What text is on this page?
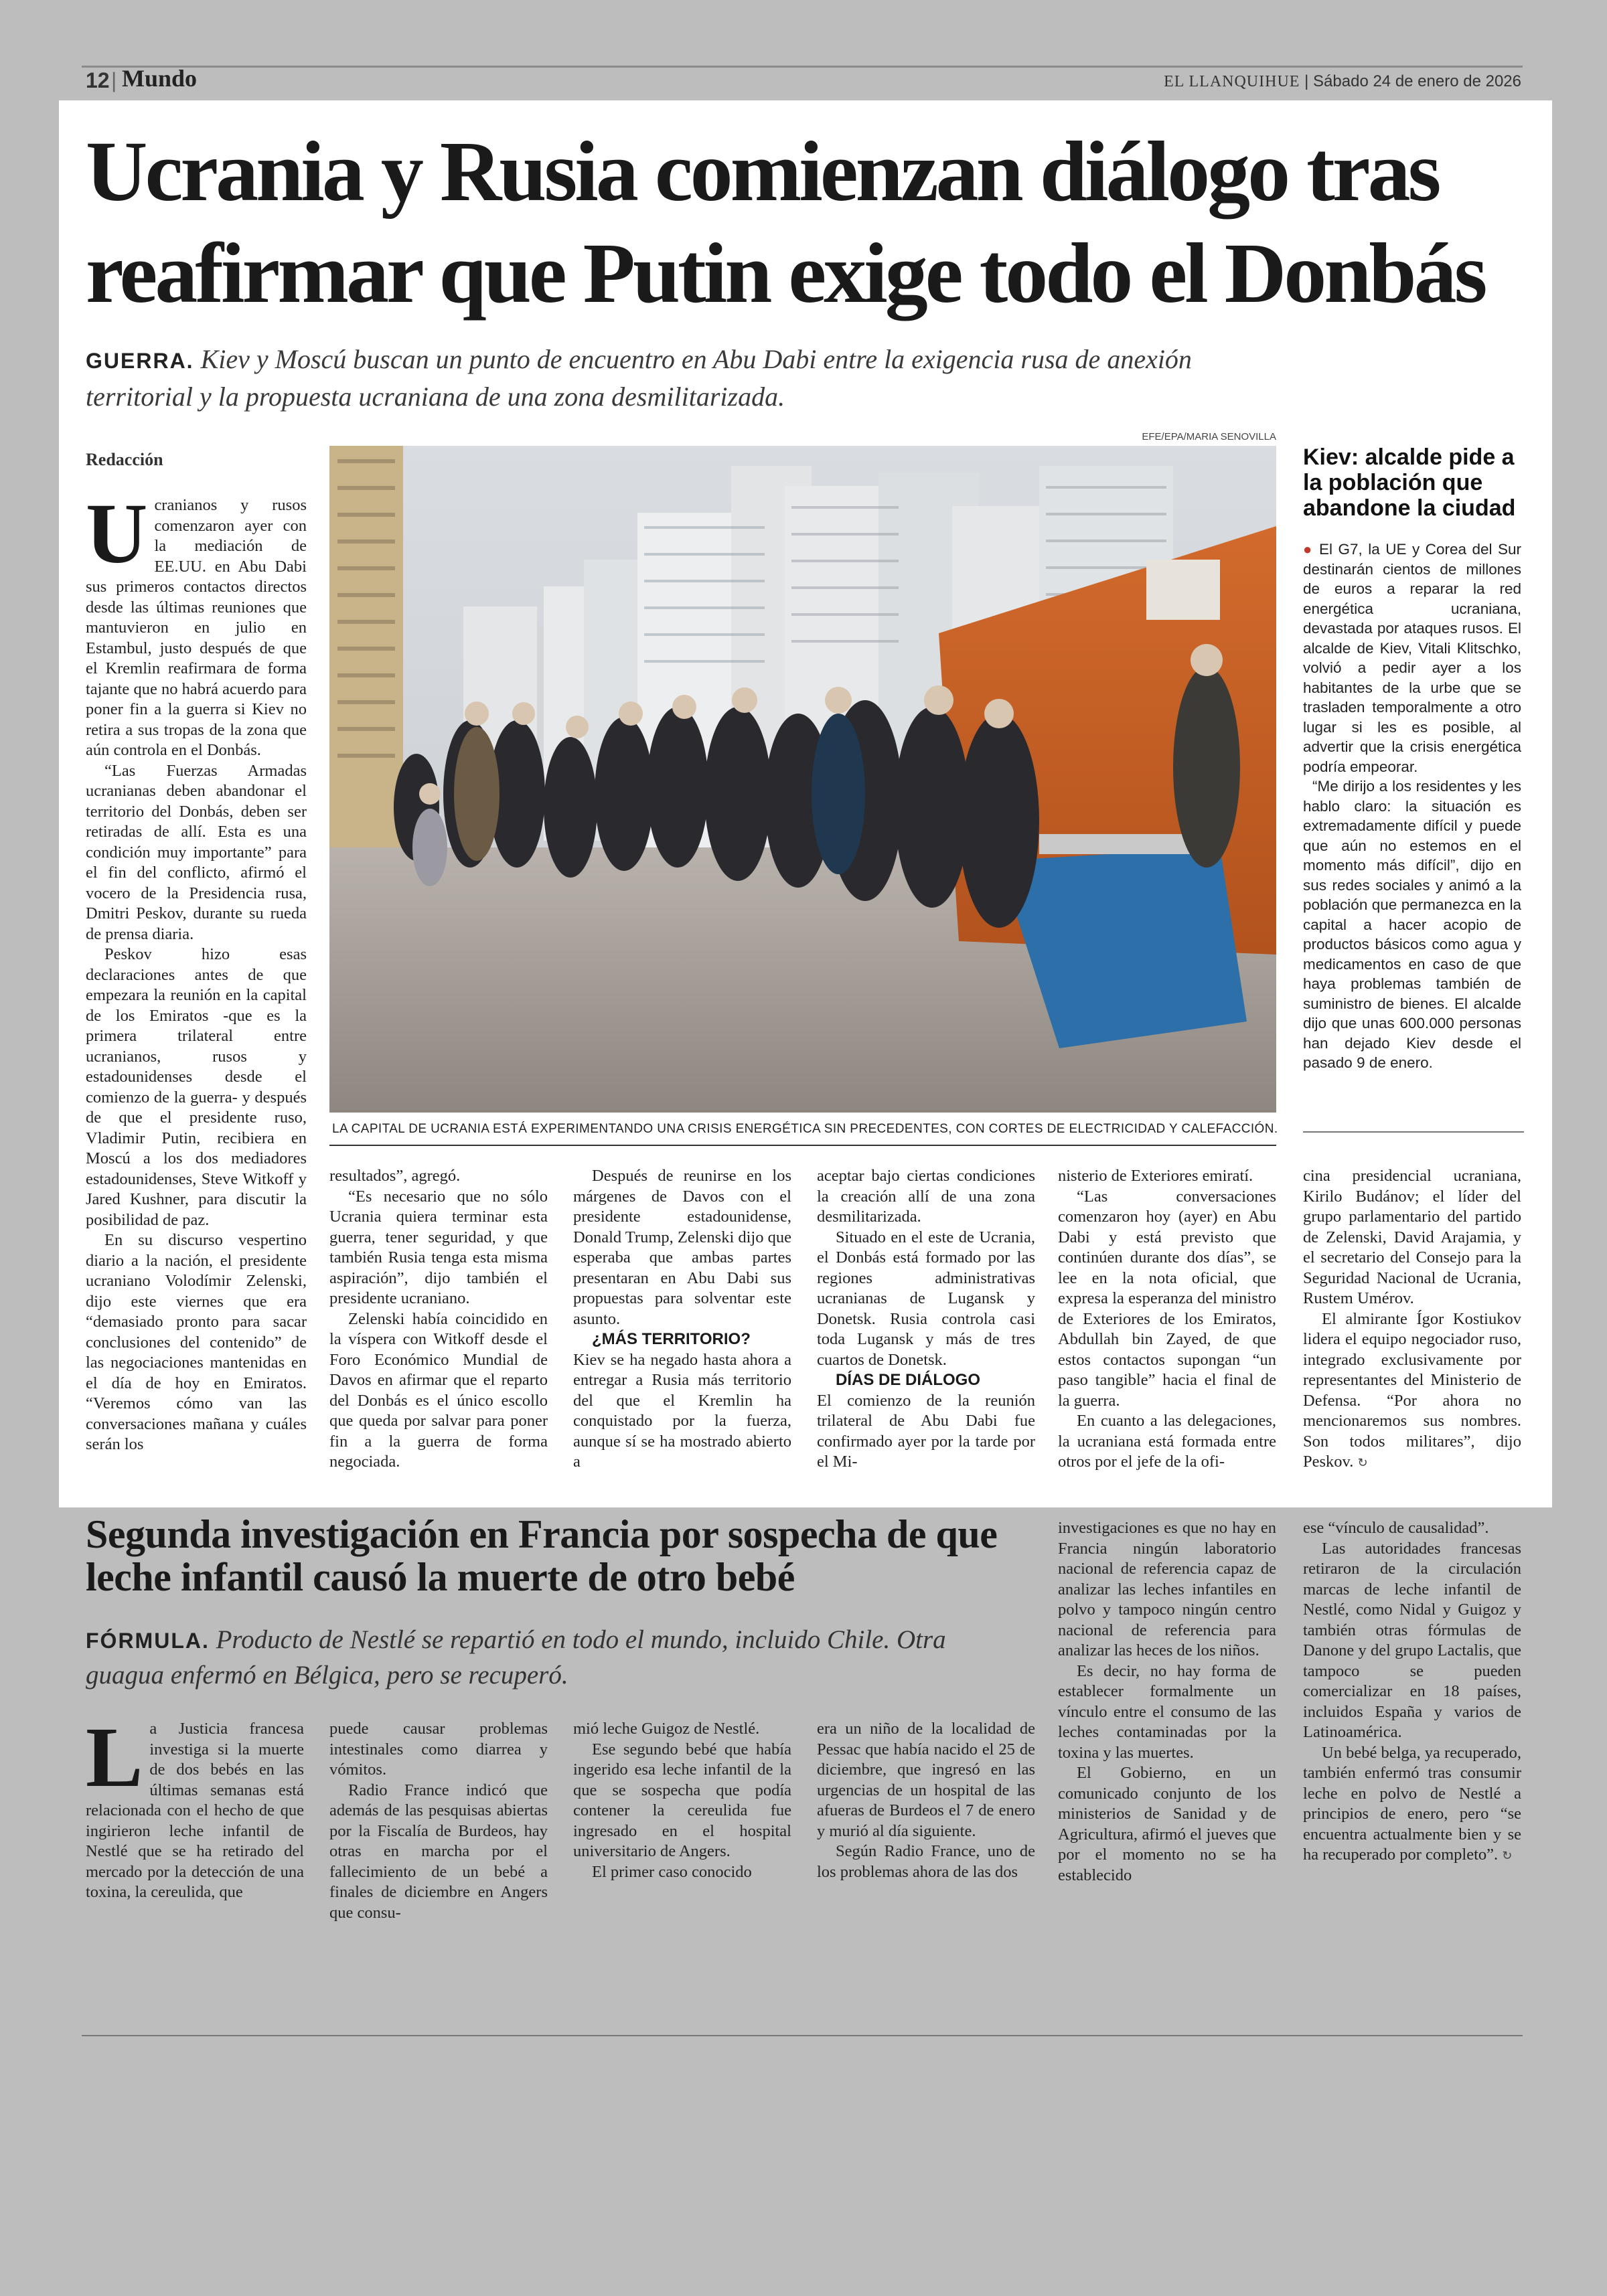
12 | Mundo	EL LLANQUIHUE | Sábado 24 de enero de 2026
Ucrania y Rusia comienzan diálogo tras reafirmar que Putin exige todo el Donbás
GUERRA. Kiev y Moscú buscan un punto de encuentro en Abu Dabi entre la exigencia rusa de anexión territorial y la propuesta ucraniana de una zona desmilitarizada.
Redacción

Ucranianos y rusos comenzaron ayer con la mediación de EE.UU. en Abu Dabi sus primeros contactos directos desde las últimas reuniones que mantuvieron en julio en Estambul, justo después de que el Kremlin reafirmara de forma tajante que no habrá acuerdo para poner fin a la guerra si Kiev no retira a sus tropas de la zona que aún controla en el Donbás.

“Las Fuerzas Armadas ucranianas deben abandonar el territorio del Donbás, deben ser retiradas de allí. Esta es una condición muy importante” para el fin del conflicto, afirmó el vocero de la Presidencia rusa, Dmitri Peskov, durante su rueda de prensa diaria.

Peskov hizo esas declaraciones antes de que empezara la reunión en la capital de los Emiratos -que es la primera trilateral entre ucranianos, rusos y estadounidenses desde el comienzo de la guerra- y después de que el presidente ruso, Vladimir Putin, recibiera en Moscú a los dos mediadores estadounidenses, Steve Witkoff y Jared Kushner, para discutir la posibilidad de paz.

En su discurso vespertino diario a la nación, el presidente ucraniano Volodímir Zelenski, dijo este viernes que era “demasiado pronto para sacar conclusiones del contenido” de las negociaciones mantenidas en el día de hoy en Emiratos. “Veremos cómo van las conversaciones mañana y cuáles serán los

EFE/EPA/MARIA SENOVILLA
LA CAPITAL DE UCRANIA ESTÁ EXPERIMENTANDO UNA CRISIS ENERGÉTICA SIN PRECEDENTES, CON CORTES DE ELECTRICIDAD Y CALEFACCIÓN.

resultados”, agregó.

“Es necesario que no sólo Ucrania quiera terminar esta guerra, tener seguridad, y que también Rusia tenga esta misma aspiración”, dijo también el presidente ucraniano.

Zelenski había coincidido en la víspera con Witkoff desde el Foro Económico Mundial de Davos en afirmar que el reparto del Donbás es el único escollo que queda por salvar para poner fin a la guerra de forma negociada.

Después de reunirse en los márgenes de Davos con el presidente estadounidense, Donald Trump, Zelenski dijo que esperaba que ambas partes presentaran en Abu Dabi sus propuestas para solventar este asunto.

¿MÁS TERRITORIO?

Kiev se ha negado hasta ahora a entregar a Rusia más territorio del que el Kremlin ha conquistado por la fuerza, aunque sí se ha mostrado abierto a

aceptar bajo ciertas condiciones la creación allí de una zona desmilitarizada.

Situado en el este de Ucrania, el Donbás está formado por las regiones administrativas ucranianas de Lugansk y Donetsk. Rusia controla casi toda Lugansk y más de tres cuartos de Donetsk.

DÍAS DE DIÁLOGO

El comienzo de la reunión trilateral de Abu Dabi fue confirmado ayer por la tarde por el Mi-

nisterio de Exteriores emiratí.

“Las conversaciones comenzaron hoy (ayer) en Abu Dabi y está previsto que continúen durante dos días”, se lee en la nota oficial, que expresa la esperanza del ministro de Exteriores de los Emiratos, Abdullah bin Zayed, de que estos contactos supongan “un paso tangible” hacia el final de la guerra.

En cuanto a las delegaciones, la ucraniana está formada entre otros por el jefe de la ofi-

cina presidencial ucraniana, Kirilo Budánov; el líder del grupo parlamentario del partido de Zelenski, David Arajamia, y el secretario del Consejo para la Seguridad Nacional de Ucrania, Rustem Umérov.

El almirante Ígor Kostiukov lidera el equipo negociador ruso, integrado exclusivamente por representantes del Ministerio de Defensa. “Por ahora no mencionaremos sus nombres. Son todos militares”, dijo Peskov. ↻

Kiev: alcalde pide a la población que abandone la ciudad

● El G7, la UE y Corea del Sur destinarán cientos de millones de euros a reparar la red energética ucraniana, devastada por ataques rusos. El alcalde de Kiev, Vitali Klitschko, volvió a pedir ayer a los habitantes de la urbe que se trasladen temporalmente a otro lugar si les es posible, al advertir que la crisis energética podría empeorar.

“Me dirijo a los residentes y les hablo claro: la situación es extremadamente difícil y puede que aún no estemos en el momento más difícil”, dijo en sus redes sociales y animó a la población que permanezca en la capital a hacer acopio de productos básicos como agua y medicamentos en caso de que haya problemas también de suministro de bienes. El alcalde dijo que unas 600.000 personas han dejado Kiev desde el pasado 9 de enero.

Segunda investigación en Francia por sospecha de que leche infantil causó la muerte de otro bebé
FÓRMULA. Producto de Nestlé se repartió en todo el mundo, incluido Chile. Otra guagua enfermó en Bélgica, pero se recuperó.

La Justicia francesa investiga si la muerte de dos bebés en las últimas semanas está relacionada con el hecho de que ingirieron leche infantil de Nestlé que se ha retirado del mercado por la detección de una toxina, la cereulida, que

puede causar problemas intestinales como diarrea y vómitos.

Radio France indicó que además de las pesquisas abiertas por la Fiscalía de Burdeos, hay otras en marcha por el fallecimiento de un bebé a finales de diciembre en Angers que consu-

mió leche Guigoz de Nestlé.

Ese segundo bebé que había ingerido esa leche infantil de la que se sospecha que podía contener la cereulida fue ingresado en el hospital universitario de Angers.

El primer caso conocido

era un niño de la localidad de Pessac que había nacido el 25 de diciembre, que ingresó en las urgencias de un hospital de las afueras de Burdeos el 7 de enero y murió al día siguiente.

Según Radio France, uno de los problemas ahora de las dos

investigaciones es que no hay en Francia ningún laboratorio nacional de referencia capaz de analizar las leches infantiles en polvo y tampoco ningún centro nacional de referencia para analizar las heces de los niños.

Es decir, no hay forma de establecer formalmente un vínculo entre el consumo de las leches contaminadas por la toxina y las muertes.

El Gobierno, en un comunicado conjunto de los ministerios de Sanidad y de Agricultura, afirmó el jueves que por el momento no se ha establecido

ese “vínculo de causalidad”.

Las autoridades francesas retiraron de la circulación marcas de leche infantil de Nestlé, como Nidal y Guigoz y también otras fórmulas de Danone y del grupo Lactalis, que tampoco se pueden comercializar en 18 países, incluidos España y varios de Latinoamérica.

Un bebé belga, ya recuperado, también enfermó tras consumir leche en polvo de Nestlé a principios de enero, pero “se encuentra actualmente bien y se ha recuperado por completo”. ↻
